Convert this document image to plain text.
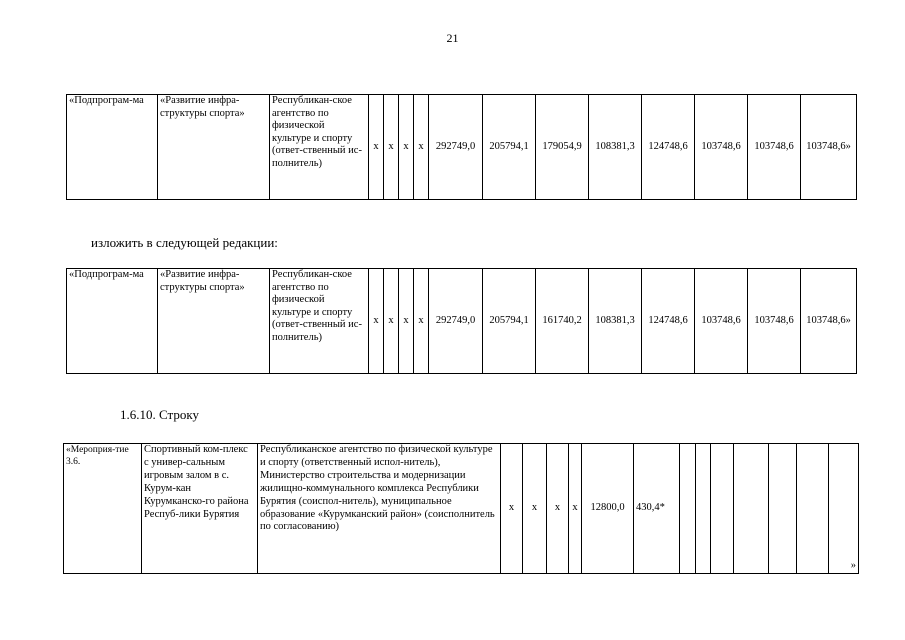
21
«Подпрограм-ма	«Развитие инфра-структуры спорта»	Республикан-ское агентство по физической культуре и спорту (ответ-ственный ис-полнитель)	х	х	х	х	292749,0	205794,1	179054,9	108381,3	124748,6	103748,6	103748,6	103748,6»
изложить в следующей редакции:
«Подпрограм-ма	«Развитие инфра-структуры спорта»	Республикан-ское агентство по физической культуре и спорту (ответ-ственный ис-полнитель)	х	х	х	х	292749,0	205794,1	161740,2	108381,3	124748,6	103748,6	103748,6	103748,6»
1.6.10. Строку
«Мероприя-тие 3.6.	Спортивный ком-плекс с универ-сальным игровым залом в с. Курум-кан Курумканско-го района Респуб-лики Бурятия	Республиканское агентство по физической культуре и спорту (ответственный испол-нитель), Министерство строительства и модернизации жилищно-коммунального комплекса Республики Бурятия (соиспол-нитель), муниципальное образование «Курумканский район» (соисполнитель по согласованию)	х	х	х	х	12800,0	430,4*							»
